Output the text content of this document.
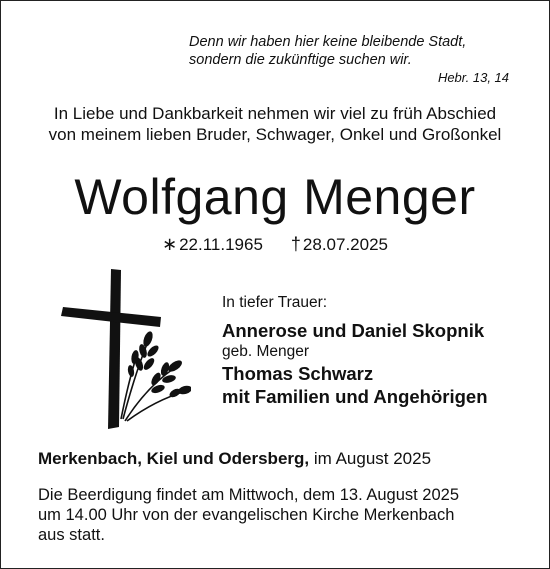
Denn wir haben hier keine bleibende Stadt,
sondern die zukünftige suchen wir.
Hebr. 13, 14
In Liebe und Dankbarkeit nehmen wir viel zu früh Abschied
von meinem lieben Bruder, Schwager, Onkel und Großonkel
Wolfgang Menger
∗ 22.11.1965 † 28.07.2025
In tiefer Trauer:
Annerose und Daniel Skopnik
geb. Menger
Thomas Schwarz
mit Familien und Angehörigen
Merkenbach, Kiel und Odersberg, im August 2025
Die Beerdigung findet am Mittwoch, dem 13. August 2025
um 14.00 Uhr von der evangelischen Kirche Merkenbach
aus statt.
